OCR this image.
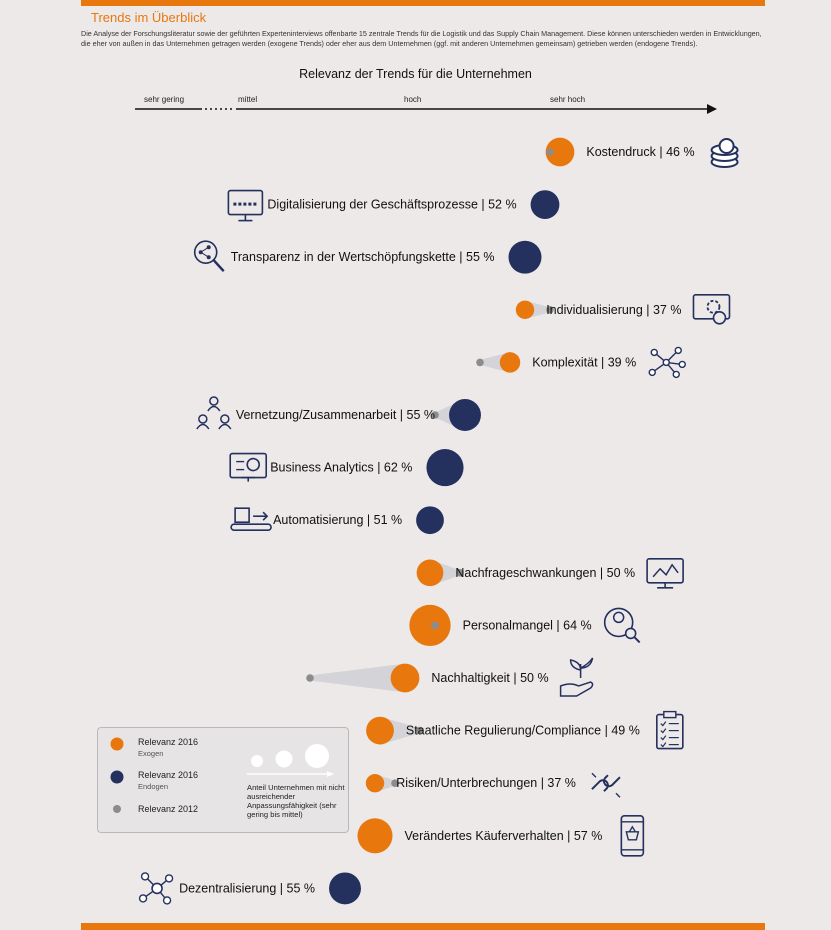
Trends im Überblick
Die Analyse der Forschungsliteratur sowie der geführten Experteninterviews offenbarte 15 zentrale Trends für die Logistik und das Supply Chain Management. Diese können unterschieden werden in Entwicklungen, die eher von außen in das Unternehmen getragen werden (exogene Trends) oder eher aus dem Unternehmen (ggf. mit anderen Unternehmen gemeinsam) getrieben werden (endogene Trends).
Relevanz der Trends für die Unternehmen
sehr gering	mittel	hoch	sehr hoch
Kostendruck | 46 %
Digitalisierung der Geschäftsprozesse | 52 %
Transparenz in der Wertschöpfungskette | 55 %
Individualisierung | 37 %
Komplexität | 39 %
Vernetzung/Zusammenarbeit | 55 %
Business Analytics | 62 %
Automatisierung | 51 %
Nachfrageschwankungen | 50 %
Personalmangel | 64 %
Nachhaltigkeit | 50 %
Staatliche Regulierung/Compliance | 49 %
Risiken/Unterbrechungen | 37 %
Verändertes Käuferverhalten | 57 %
Dezentralisierung | 55 %
Relevanz 2016
Exogen
Relevanz 2016
Endogen
Relevanz 2012
Anteil Unternehmen mit nicht ausreichender Anpassungsfähigkeit (sehr gering bis mittel)
